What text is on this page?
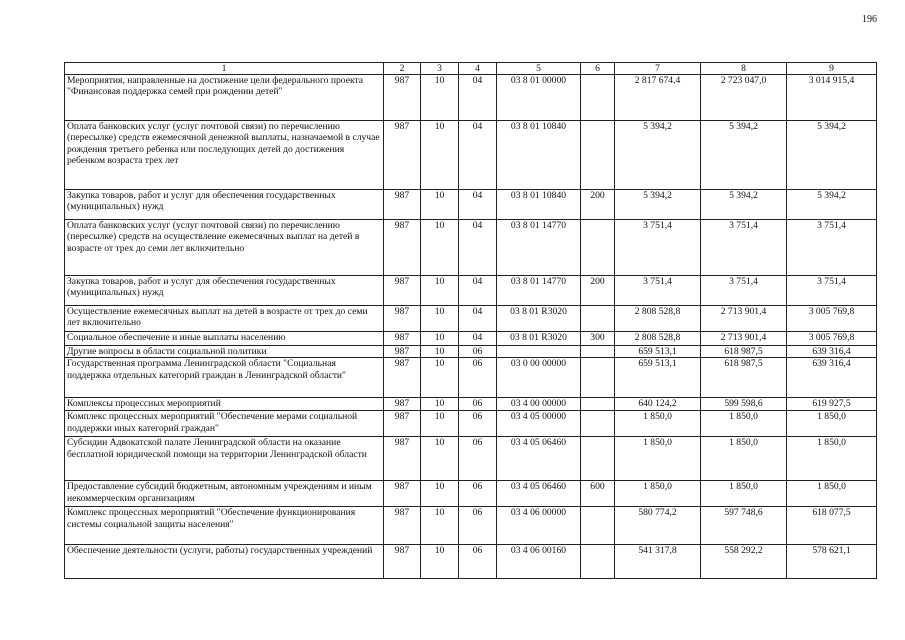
196
1	2	3	4	5	6	7	8	9
Мероприятия, направленные на достижение цели федерального проекта "Финансовая поддержка семей при рождении детей"	987	10	04	03 8 01 00000		2 817 674,4	2 723 047,0	3 014 915,4
Оплата банковских услуг (услуг почтовой связи) по перечислению (пересылке) средств ежемесячной денежной выплаты, назначаемой в случае рождения третьего ребенка или последующих детей до достижения ребенком возраста трех лет	987	10	04	03 8 01 10840		5 394,2	5 394,2	5 394,2
Закупка товаров, работ и услуг для обеспечения государственных (муниципальных) нужд	987	10	04	03 8 01 10840	200	5 394,2	5 394,2	5 394,2
Оплата банковских услуг (услуг почтовой связи) по перечислению (пересылке) средств на осуществление ежемесячных выплат на детей в возрасте от трех до семи лет включительно	987	10	04	03 8 01 14770		3 751,4	3 751,4	3 751,4
Закупка товаров, работ и услуг для обеспечения государственных (муниципальных) нужд	987	10	04	03 8 01 14770	200	3 751,4	3 751,4	3 751,4
Осуществление ежемесячных выплат на детей в возрасте от трех до семи лет включительно	987	10	04	03 8 01 R3020		2 808 528,8	2 713 901,4	3 005 769,8
Социальное обеспечение и иные выплаты населению	987	10	04	03 8 01 R3020	300	2 808 528,8	2 713 901,4	3 005 769,8
Другие вопросы в области социальной политики	987	10	06			659 513,1	618 987,5	639 316,4
Государственная программа Ленинградской области "Социальная поддержка отдельных категорий граждан в Ленинградской области"	987	10	06	03 0 00 00000		659 513,1	618 987,5	639 316,4
Комплексы процессных мероприятий	987	10	06	03 4 00 00000		640 124,2	599 598,6	619 927,5
Комплекс процессных мероприятий "Обеспечение мерами социальной поддержки иных категорий граждан"	987	10	06	03 4 05 00000		1 850,0	1 850,0	1 850,0
Субсидии Адвокатской палате Ленинградской области на оказание бесплатной юридической помощи на территории Ленинградской области	987	10	06	03 4 05 06460		1 850,0	1 850,0	1 850,0
Предоставление субсидий бюджетным, автономным учреждениям и иным некоммерческим организациям	987	10	06	03 4 05 06460	600	1 850,0	1 850,0	1 850,0
Комплекс процессных мероприятий "Обеспечение функционирования системы социальной защиты населения"	987	10	06	03 4 06 00000		580 774,2	597 748,6	618 077,5
Обеспечение деятельности (услуги, работы) государственных учреждений	987	10	06	03 4 06 00160		541 317,8	558 292,2	578 621,1
